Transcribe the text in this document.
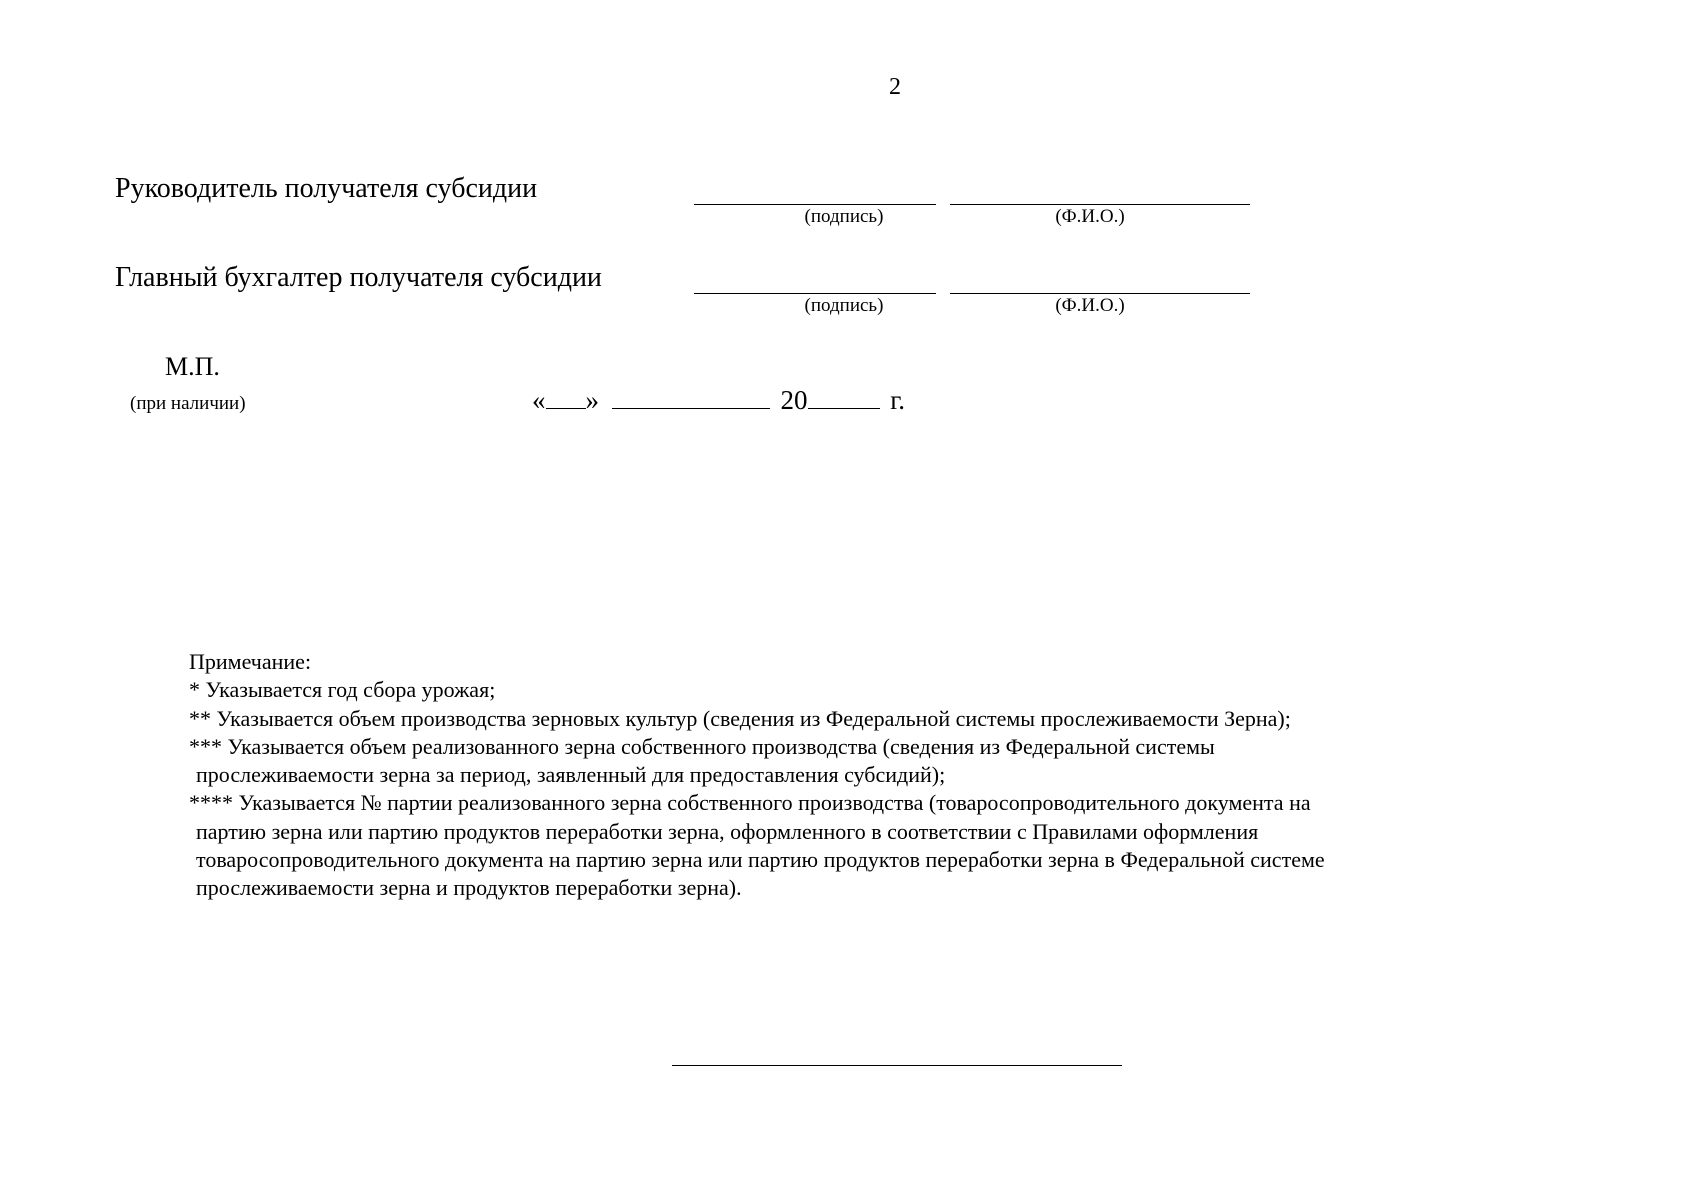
2
Руководитель получателя субсидии
(подпись)	(Ф.И.О.)
Главный бухгалтер получателя субсидии
(подпись)	(Ф.И.О.)
М.П.
(при наличии)	« »	20	г.

Примечание:

* Указывается год сбора урожая;

** Указывается объем производства зерновых культур (сведения из Федеральной системы прослеживаемости Зерна);

*** Указывается объем реализованного зерна собственного производства (сведения из Федеральной системы

прослеживаемости зерна за период, заявленный для предоставления субсидий);

**** Указывается № партии реализованного зерна собственного производства (товаросопроводительного документа на

партию зерна или партию продуктов переработки зерна, оформленного в соответствии с Правилами оформления

товаросопроводительного документа на партию зерна или партию продуктов переработки зерна в Федеральной системе

прослеживаемости зерна и продуктов переработки зерна).
